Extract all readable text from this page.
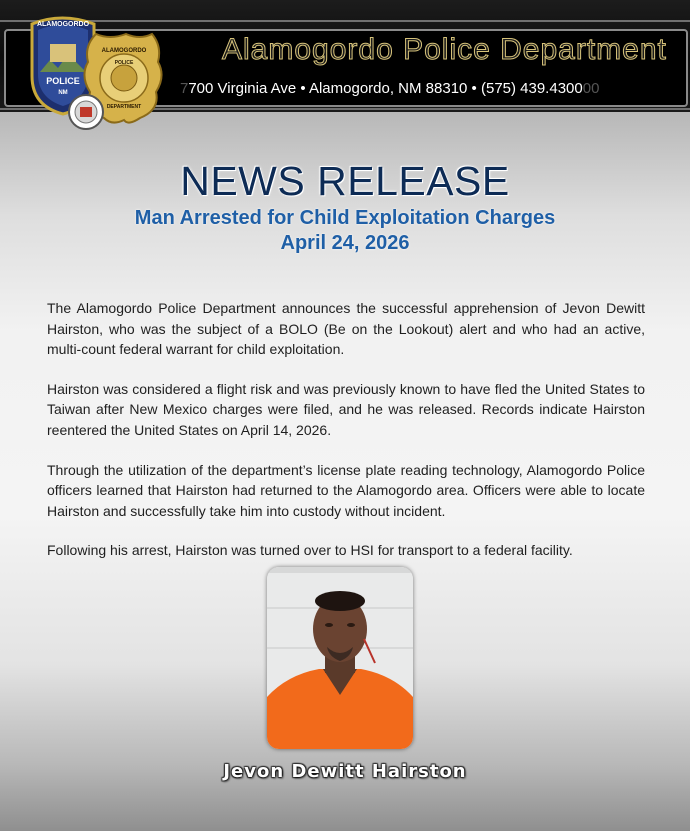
Alamogordo Police Department
7700 Virginia Ave • Alamogordo, NM 88310 • (575) 439.430000
ALAMOGORDO
POLICE
NM
ALAMOGORDO
POLICE
DEPARTMENT
NEWS RELEASE
Man Arrested for Child Exploitation Charges
April 24, 2026

The Alamogordo Police Department announces the successful apprehension of Jevon Dewitt Hairston, who was the subject of a BOLO (Be on the Lookout) alert and who had an active, multi-count federal warrant for child exploitation.

Hairston was considered a flight risk and was previously known to have fled the United States to Taiwan after New Mexico charges were filed, and he was released. Records indicate Hairston reentered the United States on April 14, 2026.

Through the utilization of the department’s license plate reading technology, Alamogordo Police officers learned that Hairston had returned to the Alamogordo area. Officers were able to locate Hairston and successfully take him into custody without incident.

Following his arrest, Hairston was turned over to HSI for transport to a federal facility.

Jevon Dewitt Hairston
